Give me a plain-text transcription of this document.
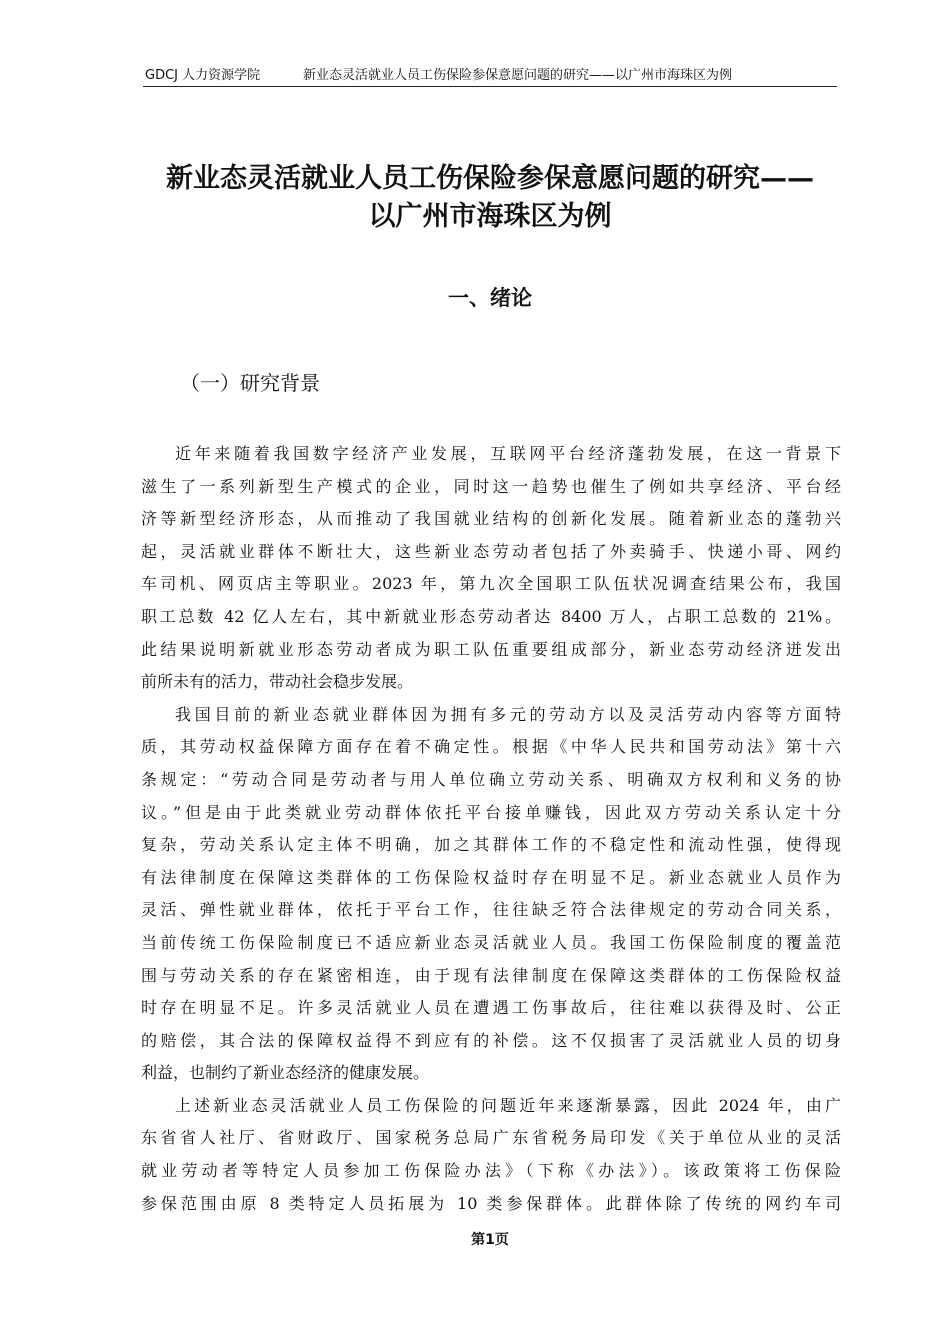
GDCJ 人力资源学院	新业态灵活就业人员工伤保险参保意愿问题的研究——以广州市海珠区为例
新业态灵活就业人员工伤保险参保意愿问题的研究——
以广州市海珠区为例
一、绪论
（一）研究背景
近年来随着我国数字经济产业发展，互联网平台经济蓬勃发展，在这一背景下
滋生了一系列新型生产模式的企业，同时这一趋势也催生了例如共享经济、平台经
济等新型经济形态，从而推动了我国就业结构的创新化发展。随着新业态的蓬勃兴
起，灵活就业群体不断壮大，这些新业态劳动者包括了外卖骑手、快递小哥、网约
车司机、网页店主等职业。2023 年，第九次全国职工队伍状况调查结果公布，我国
职工总数 42 亿人左右，其中新就业形态劳动者达 8400 万人，占职工总数的 21%。
此结果说明新就业形态劳动者成为职工队伍重要组成部分，新业态劳动经济迸发出
前所未有的活力，带动社会稳步发展。
我国目前的新业态就业群体因为拥有多元的劳动方以及灵活劳动内容等方面特
质，其劳动权益保障方面存在着不确定性。根据《中华人民共和国劳动法》第十六
条规定：“劳动合同是劳动者与用人单位确立劳动关系、明确双方权利和义务的协
议。”但是由于此类就业劳动群体依托平台接单赚钱，因此双方劳动关系认定十分
复杂，劳动关系认定主体不明确，加之其群体工作的不稳定性和流动性强，使得现
有法律制度在保障这类群体的工伤保险权益时存在明显不足。新业态就业人员作为
灵活、弹性就业群体，依托于平台工作，往往缺乏符合法律规定的劳动合同关系，
当前传统工伤保险制度已不适应新业态灵活就业人员。我国工伤保险制度的覆盖范
围与劳动关系的存在紧密相连，由于现有法律制度在保障这类群体的工伤保险权益
时存在明显不足。许多灵活就业人员在遭遇工伤事故后，往往难以获得及时、公正
的赔偿，其合法的保障权益得不到应有的补偿。这不仅损害了灵活就业人员的切身
利益，也制约了新业态经济的健康发展。
上述新业态灵活就业人员工伤保险的问题近年来逐渐暴露，因此 2024 年，由广
东省省人社厅、省财政厅、国家税务总局广东省税务局印发《关于单位从业的灵活
就业劳动者等特定人员参加工伤保险办法》（下称《办法》）。该政策将工伤保险
参保范围由原 8 类特定人员拓展为 10 类参保群体。此群体除了传统的网约车司
第1页
